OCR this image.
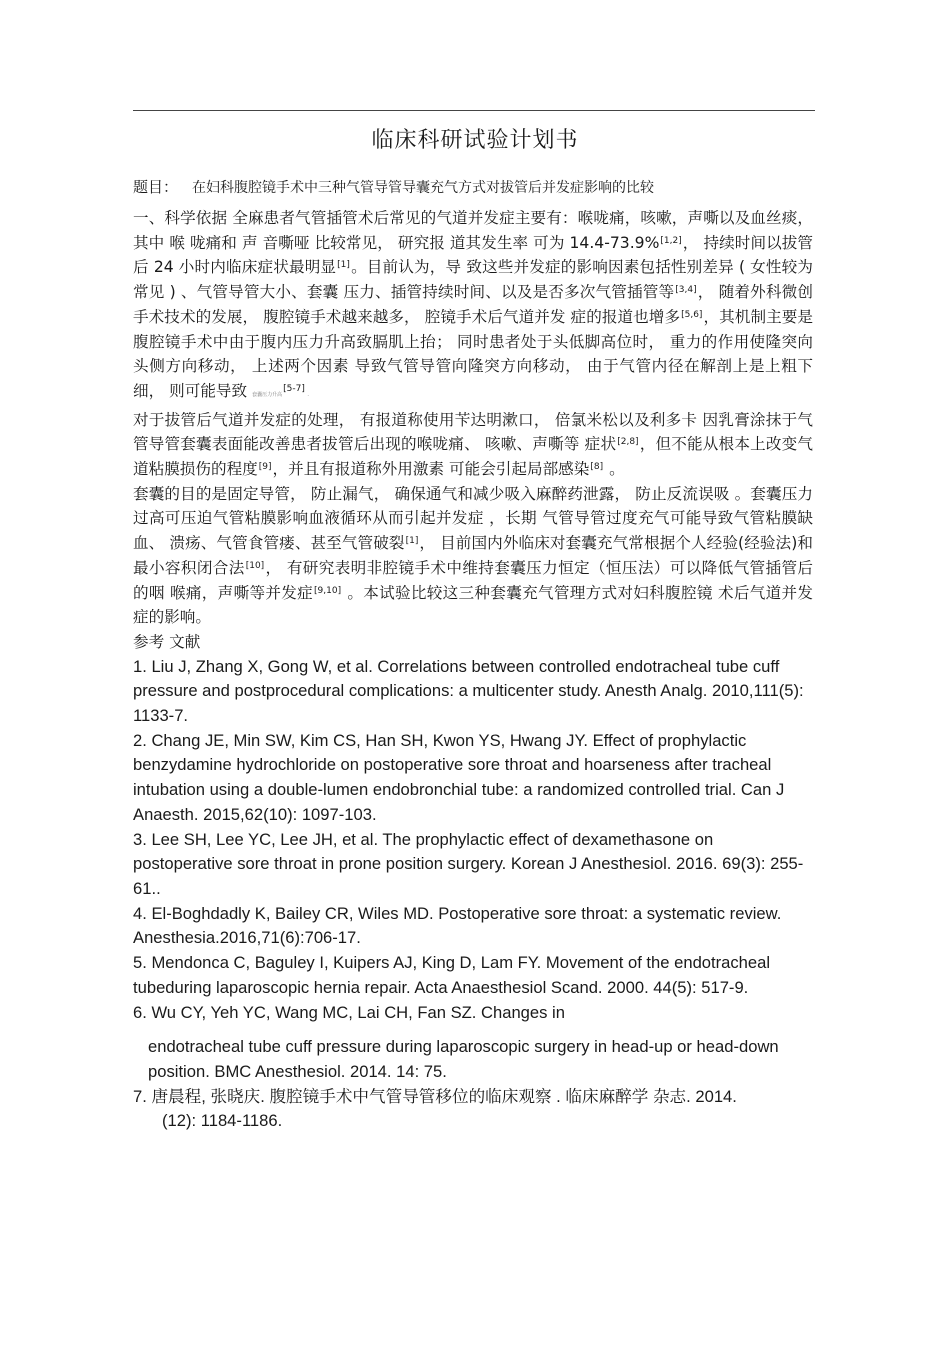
临床科研试验计划书
题目： 在妇科腹腔镜手术中三种气管导管导囊充气方式对拔管后并发症影响的比较

一、科学依据 全麻患者气管插管术后常见的气道并发症主要有：喉咙痛，咳嗽，声嘶以及血丝痰，其中 喉 咙痛和 声 音嘶哑 比较常见， 研究报 道其发生率 可为 14.4-73.9%[1,2]， 持续时间以拔管后 24 小时内临床症状最明显[1]。目前认为，导 致这些并发症的影响因素包括性别差异 ( 女性较为常见 ) 、气管导管大小、套囊 压力、插管持续时间、以及是否多次气管插管等[3,4]， 随着外科微创手术技术的发展， 腹腔镜手术越来越多， 腔镜手术后气道并发 症的报道也增多[5,6]，其机制主要是腹腔镜手术中由于腹内压力升高致膈肌上抬； 同时患者处于头低脚高位时， 重力的作用使隆突向头侧方向移动， 上述两个因素 导致气管导管向隆突方向移动， 由于气管内径在解剖上是上粗下细， 则可能导致 套囊压力升高[5-7] .

对于拔管后气道并发症的处理， 有报道称使用苄达明漱口， 倍氯米松以及利多卡 因乳膏涂抹于气管导管套囊表面能改善患者拔管后出现的喉咙痛、 咳嗽、声嘶等 症状[2,8]，但不能从根本上改变气道粘膜损伤的程度[9]，并且有报道称外用激素 可能会引起局部感染[8] 。

套囊的目的是固定导管， 防止漏气， 确保通气和减少吸入麻醉药泄露， 防止反流误吸 。套囊压力过高可压迫气管粘膜影响血液循环从而引起并发症 ，长期 气管导管过度充气可能导致气管粘膜缺血、 溃疡、气管食管瘘、甚至气管破裂[1]， 目前国内外临床对套囊充气常根据个人经验(经验法)和最小容积闭合法[10]， 有研究表明非腔镜手术中维持套囊压力恒定（恒压法）可以降低气管插管后的咽 喉痛，声嘶等并发症[9,10] 。本试验比较这三种套囊充气管理方式对妇科腹腔镜 术后气道并发症的影响。

参考 文献

1. Liu J, Zhang X, Gong W, et al. Correlations between controlled endotracheal tube cuff pressure and postprocedural complications: a multicenter study. Anesth Analg. 2010,111(5): 1133-7.

2. Chang JE, Min SW, Kim CS, Han SH, Kwon YS, Hwang JY. Effect of prophylactic benzydamine hydrochloride on postoperative sore throat and hoarseness after tracheal intubation using a double-lumen endobronchial tube: a randomized controlled trial. Can J Anaesth. 2015,62(10): 1097-103.

3. Lee SH, Lee YC, Lee JH, et al. The prophylactic effect of dexamethasone on postoperative sore throat in prone position surgery. Korean J Anesthesiol. 2016. 69(3): 255-61..

4. El-Boghdadly K, Bailey CR, Wiles MD. Postoperative sore throat: a systematic review. Anesthesia.2016,71(6):706-17.

5. Mendonca C, Baguley I, Kuipers AJ, King D, Lam FY. Movement of the endotracheal tubeduring laparoscopic hernia repair. Acta Anaesthesiol Scand. 2000. 44(5): 517-9.

6. Wu CY, Yeh YC, Wang MC, Lai CH, Fan SZ. Changes in

endotracheal tube cuff pressure during laparoscopic surgery in head-up or head-down position. BMC Anesthesiol. 2014. 14: 75.

7. 唐晨程, 张晓庆. 腹腔镜手术中气管导管移位的临床观察 . 临床麻醉学 杂志. 2014.
(12): 1184-1186.
